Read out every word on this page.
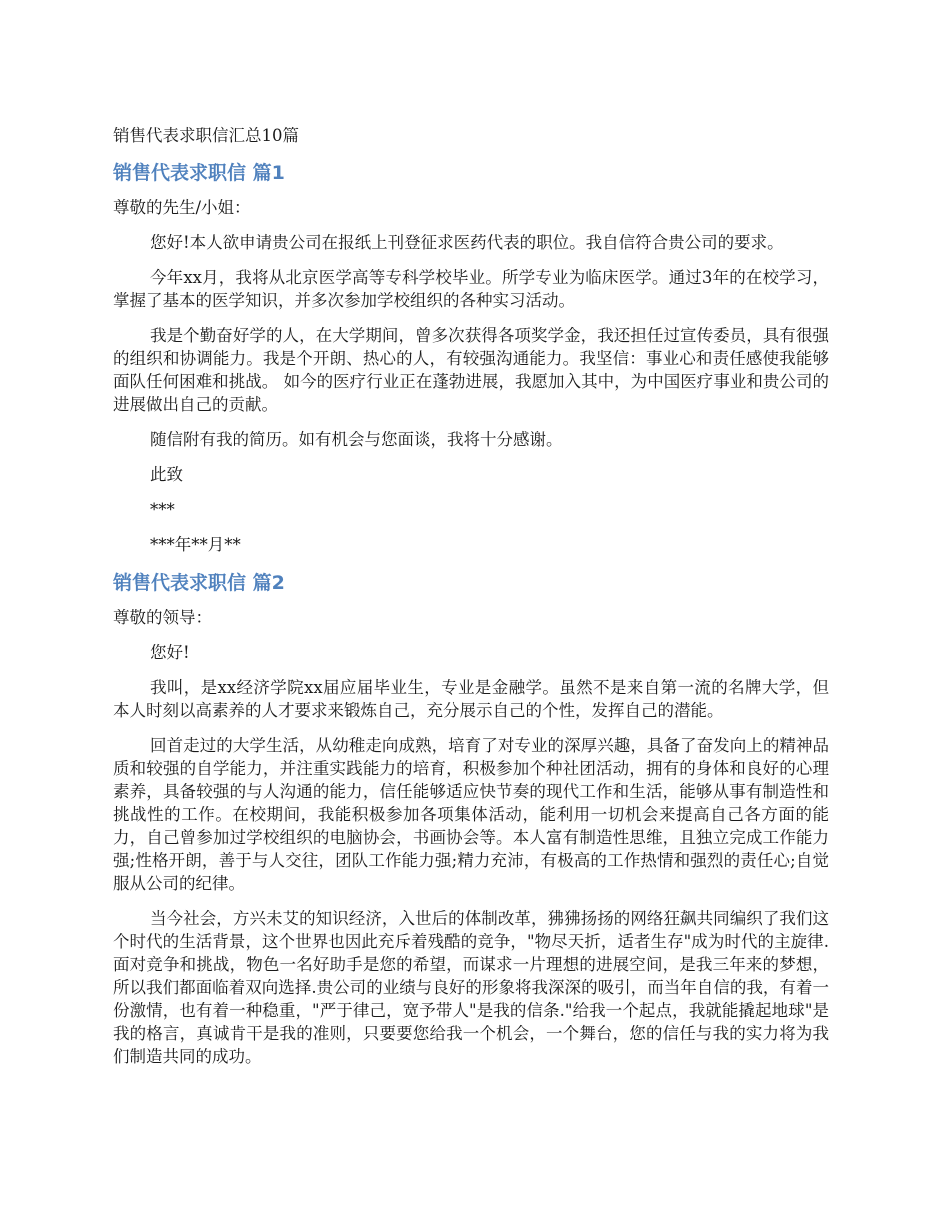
销售代表求职信汇总10篇
销售代表求职信 篇1
尊敬的先生/小姐：

您好!本人欲申请贵公司在报纸上刊登征求医药代表的职位。我自信符合贵公司的要求。

今年xx月，我将从北京医学高等专科学校毕业。所学专业为临床医学。通过3年的在校学习，掌握了基本的医学知识，并多次参加学校组织的各种实习活动。

我是个勤奋好学的人，在大学期间，曾多次获得各项奖学金，我还担任过宣传委员，具有很强的组织和协调能力。我是个开朗、热心的人，有较强沟通能力。我坚信：事业心和责任感使我能够面队任何困难和挑战。 如今的医疗行业正在蓬勃进展，我愿加入其中，为中国医疗事业和贵公司的进展做出自己的贡献。

随信附有我的简历。如有机会与您面谈，我将十分感谢。

此致

***

***年**月**

销售代表求职信 篇2
尊敬的领导：

您好!

我叫，是xx经济学院xx届应届毕业生，专业是金融学。虽然不是来自第一流的名牌大学，但本人时刻以高素养的人才要求来锻炼自己，充分展示自己的个性，发挥自己的潜能。

回首走过的大学生活，从幼稚走向成熟，培育了对专业的深厚兴趣，具备了奋发向上的精神品质和较强的自学能力，并注重实践能力的培育，积极参加个种社团活动，拥有的身体和良好的心理素养，具备较强的与人沟通的能力，信任能够适应快节奏的现代工作和生活，能够从事有制造性和挑战性的工作。在校期间，我能积极参加各项集体活动，能利用一切机会来提高自己各方面的能力，自己曾参加过学校组织的电脑协会，书画协会等。本人富有制造性思维，且独立完成工作能力强;性格开朗，善于与人交往，团队工作能力强;精力充沛，有极高的工作热情和强烈的责任心;自觉服从公司的纪律。

当今社会，方兴未艾的知识经济，入世后的体制改革，狒狒扬扬的网络狂飙共同编织了我们这个时代的生活背景，这个世界也因此充斥着残酷的竞争，"物尽天折，适者生存"成为时代的主旋律.面对竞争和挑战，物色一名好助手是您的希望，而谋求一片理想的进展空间，是我三年来的梦想，所以我们都面临着双向选择.贵公司的业绩与良好的形象将我深深的吸引，而当年自信的我，有着一份激情，也有着一种稳重，"严于律己，宽予带人"是我的信条."给我一个起点，我就能撬起地球"是我的格言，真诚肯干是我的准则，只要要您给我一个机会，一个舞台，您的信任与我的实力将为我们制造共同的成功。
